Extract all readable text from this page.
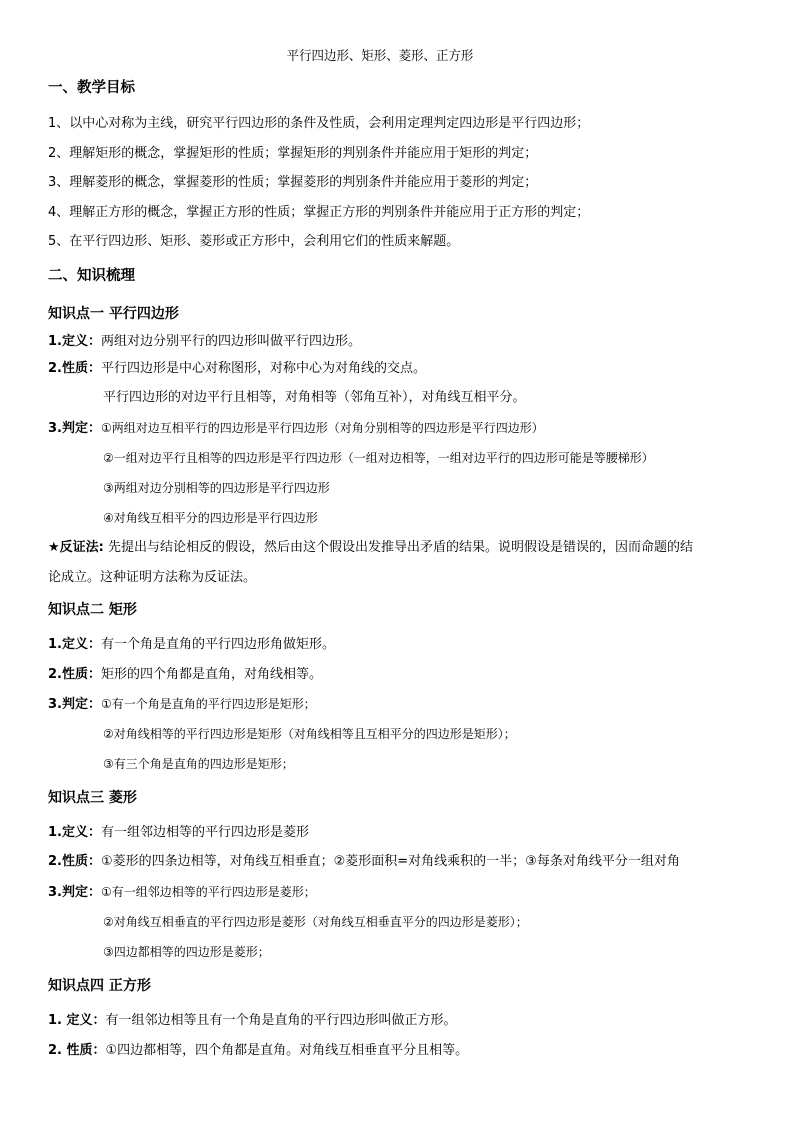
平行四边形、矩形、菱形、正方形
一、教学目标
1、以中心对称为主线，研究平行四边形的条件及性质，会利用定理判定四边形是平行四边形；
2、理解矩形的概念，掌握矩形的性质；掌握矩形的判别条件并能应用于矩形的判定；
3、理解菱形的概念，掌握菱形的性质；掌握菱形的判别条件并能应用于菱形的判定；
4、理解正方形的概念，掌握正方形的性质；掌握正方形的判别条件并能应用于正方形的判定；
5、在平行四边形、矩形、菱形或正方形中，会利用它们的性质来解题。
二、知识梳理
知识点一 平行四边形
1.定义：两组对边分别平行的四边形叫做平行四边形。
2.性质：平行四边形是中心对称图形，对称中心为对角线的交点。
平行四边形的对边平行且相等，对角相等（邻角互补），对角线互相平分。
3.判定：①两组对边互相平行的四边形是平行四边形（对角分别相等的四边形是平行四边形）
②一组对边平行且相等的四边形是平行四边形（一组对边相等，一组对边平行的四边形可能是等腰梯形）
③两组对边分别相等的四边形是平行四边形
④对角线互相平分的四边形是平行四边形
★反证法: 先提出与结论相反的假设，然后由这个假设出发推导出矛盾的结果。说明假设是错误的，因而命题的结
论成立。这种证明方法称为反证法。
知识点二 矩形
1.定义：有一个角是直角的平行四边形角做矩形。
2.性质：矩形的四个角都是直角，对角线相等。
3.判定：①有一个角是直角的平行四边形是矩形；
②对角线相等的平行四边形是矩形（对角线相等且互相平分的四边形是矩形）；
③有三个角是直角的四边形是矩形；
知识点三 菱形
1.定义：有一组邻边相等的平行四边形是菱形
2.性质：①菱形的四条边相等，对角线互相垂直；②菱形面积=对角线乘积的一半；③每条对角线平分一组对角
3.判定：①有一组邻边相等的平行四边形是菱形；
②对角线互相垂直的平行四边形是菱形（对角线互相垂直平分的四边形是菱形）；
③四边都相等的四边形是菱形；
知识点四 正方形
1. 定义：有一组邻边相等且有一个角是直角的平行四边形叫做正方形。
2. 性质：①四边都相等，四个角都是直角。对角线互相垂直平分且相等。
